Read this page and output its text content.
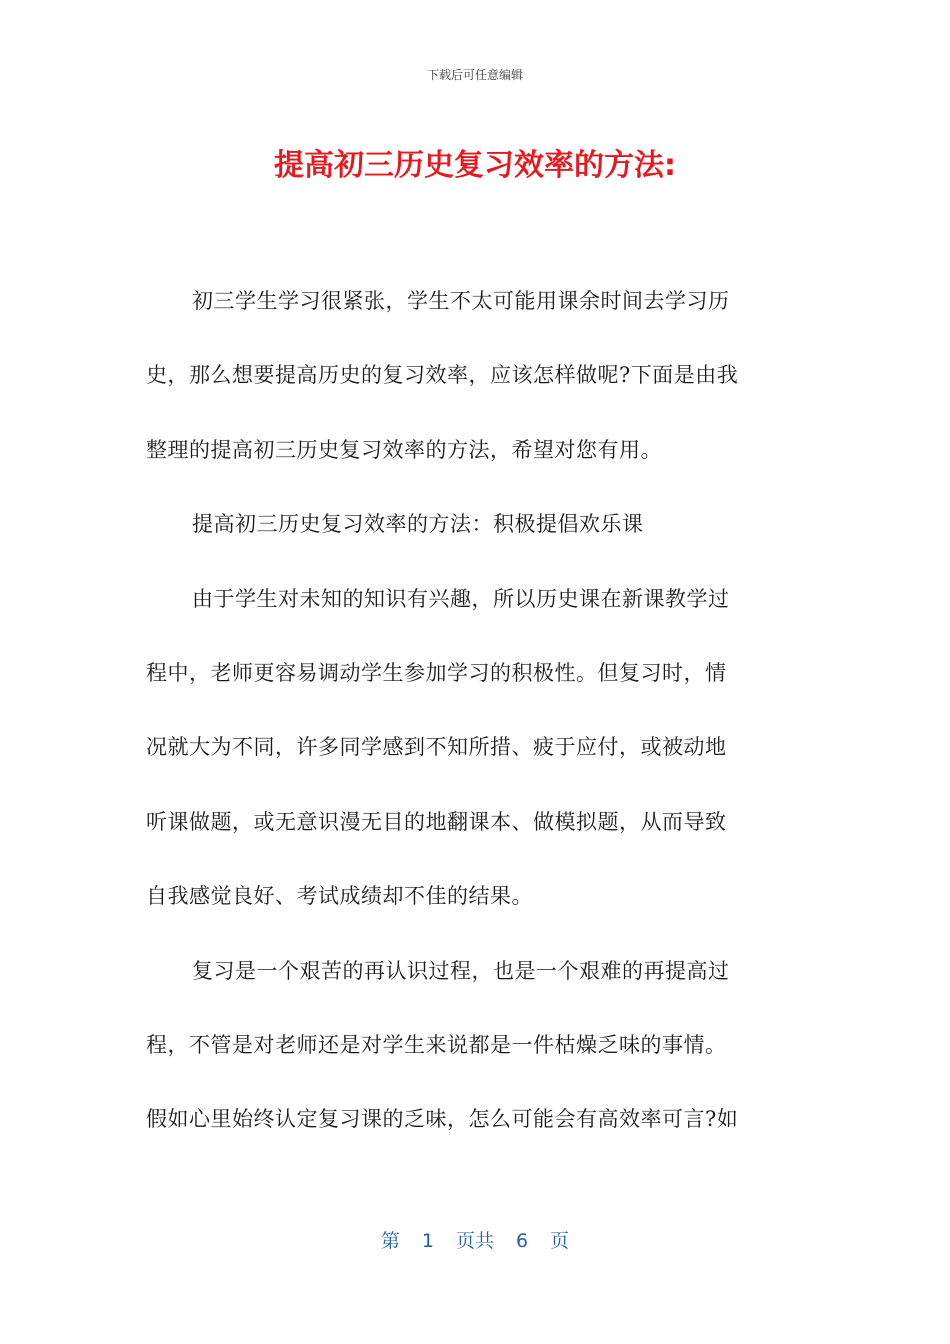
下载后可任意编辑
提高初三历史复习效率的方法:
初三学生学习很紧张，学生不太可能用课余时间去学习历
史，那么想要提高历史的复习效率，应该怎样做呢?下面是由我
整理的提高初三历史复习效率的方法，希望对您有用。
提高初三历史复习效率的方法：积极提倡欢乐课
由于学生对未知的知识有兴趣，所以历史课在新课教学过
程中，老师更容易调动学生参加学习的积极性。但复习时，情
况就大为不同，许多同学感到不知所措、疲于应付，或被动地
听课做题，或无意识漫无目的地翻课本、做模拟题，从而导致
自我感觉良好、考试成绩却不佳的结果。
复习是一个艰苦的再认识过程，也是一个艰难的再提高过
程，不管是对老师还是对学生来说都是一件枯燥乏味的事情。
假如心里始终认定复习课的乏味，怎么可能会有高效率可言?如
第 1 页共 6 页
